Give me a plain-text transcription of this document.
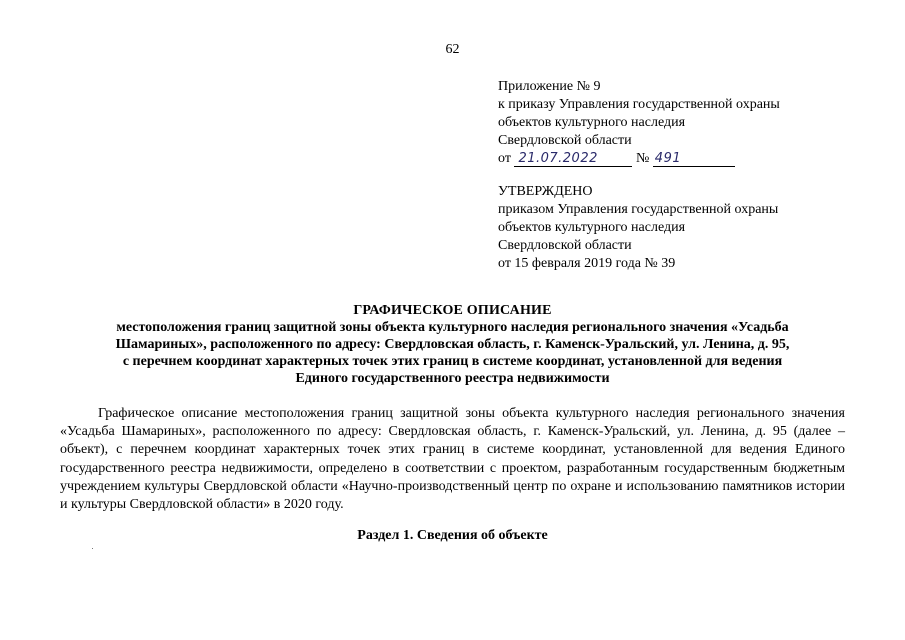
62
Приложение № 9
к приказу Управления государственной охраны
объектов культурного наследия
Свердловской области
от 21.07.2022	№ 491
УТВЕРЖДЕНО
приказом Управления государственной охраны
объектов культурного наследия
Свердловской области
от 15 февраля 2019 года № 39
ГРАФИЧЕСКОЕ ОПИСАНИЕ
местоположения границ защитной зоны объекта культурного наследия регионального значения «Усадьба
Шамариных», расположенного по адресу: Свердловская область, г. Каменск-Уральский, ул. Ленина, д. 95,
с перечнем координат характерных точек этих границ в системе координат, установленной для ведения
Единого государственного реестра недвижимости
Графическое описание местоположения границ защитной зоны объекта культурного наследия регионального значения «Усадьба Шамариных», расположенного по адресу: Свердловская область, г. Каменск-Уральский, ул. Ленина, д. 95 (далее – объект), с перечнем координат характерных точек этих границ в системе координат, установленной для ведения Единого государственного реестра недвижимости, определено в соответствии с проектом, разработанным государственным бюджетным учреждением культуры Свердловской области «Научно-производственный центр по охране и использованию памятников истории и культуры Свердловской области» в 2020 году.
Раздел 1. Сведения об объекте
